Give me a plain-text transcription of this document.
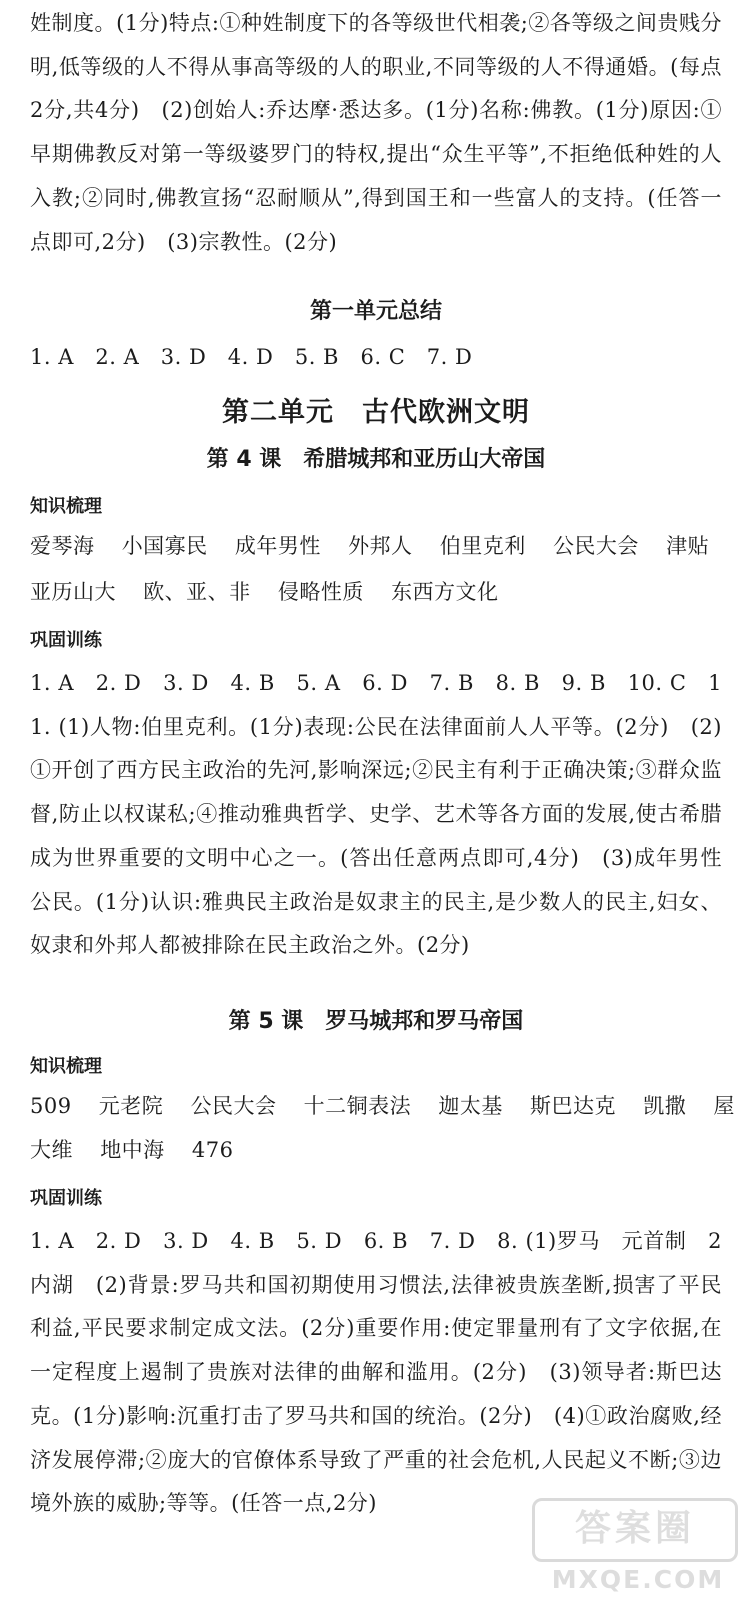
姓制度。(1分)特点:①种姓制度下的各等级世代相袭;②各等级之间贵贱分明,低等级的人不得从事高等级的人的职业,不同等级的人不得通婚。(每点2分,共4分)　(2)创始人:乔达摩·悉达多。(1分)名称:佛教。(1分)原因:①早期佛教反对第一等级婆罗门的特权,提出“众生平等”,不拒绝低种姓的人入教;②同时,佛教宣扬“忍耐顺从”,得到国王和一些富人的支持。(任答一点即可,2分)　(3)宗教性。(2分)
第一单元总结
1. A　2. A　3. D　4. D　5. B　6. C　7. D
第二单元　古代欧洲文明
第 4 课　希腊城邦和亚历山大帝国
知识梳理
爱琴海 小国寡民 成年男性 外邦人 伯里克利 公民大会 津贴
亚历山大 欧、亚、非 侵略性质 东西方文化
巩固训练
1. A　2. D　3. D　4. B　5. A　6. D　7. B　8. B　9. B　10. C　11. (1)人物:伯里克利。(1分)表现:公民在法律面前人人平等。(2分)　(2)①开创了西方民主政治的先河,影响深远;②民主有利于正确决策;③群众监督,防止以权谋私;④推动雅典哲学、史学、艺术等各方面的发展,使古希腊成为世界重要的文明中心之一。(答出任意两点即可,4分)　(3)成年男性公民。(1分)认识:雅典民主政治是奴隶主的民主,是少数人的民主,妇女、奴隶和外邦人都被排除在民主政治之外。(2分)
第 5 课　罗马城邦和罗马帝国
知识梳理
509 元老院 公民大会 十二铜表法 迦太基 斯巴达克 凯撒 屋
大维 地中海 476
巩固训练
1. A　2. D　3. D　4. B　5. D　6. B　7. D　8. (1)罗马　元首制　2　内湖　(2)背景:罗马共和国初期使用习惯法,法律被贵族垄断,损害了平民利益,平民要求制定成文法。(2分)重要作用:使定罪量刑有了文字依据,在一定程度上遏制了贵族对法律的曲解和滥用。(2分)　(3)领导者:斯巴达克。(1分)影响:沉重打击了罗马共和国的统治。(2分)　(4)①政治腐败,经济发展停滞;②庞大的官僚体系导致了严重的社会危机,人民起义不断;③边境外族的威胁;等等。(任答一点,2分)
答案圈
MXQE.COM
